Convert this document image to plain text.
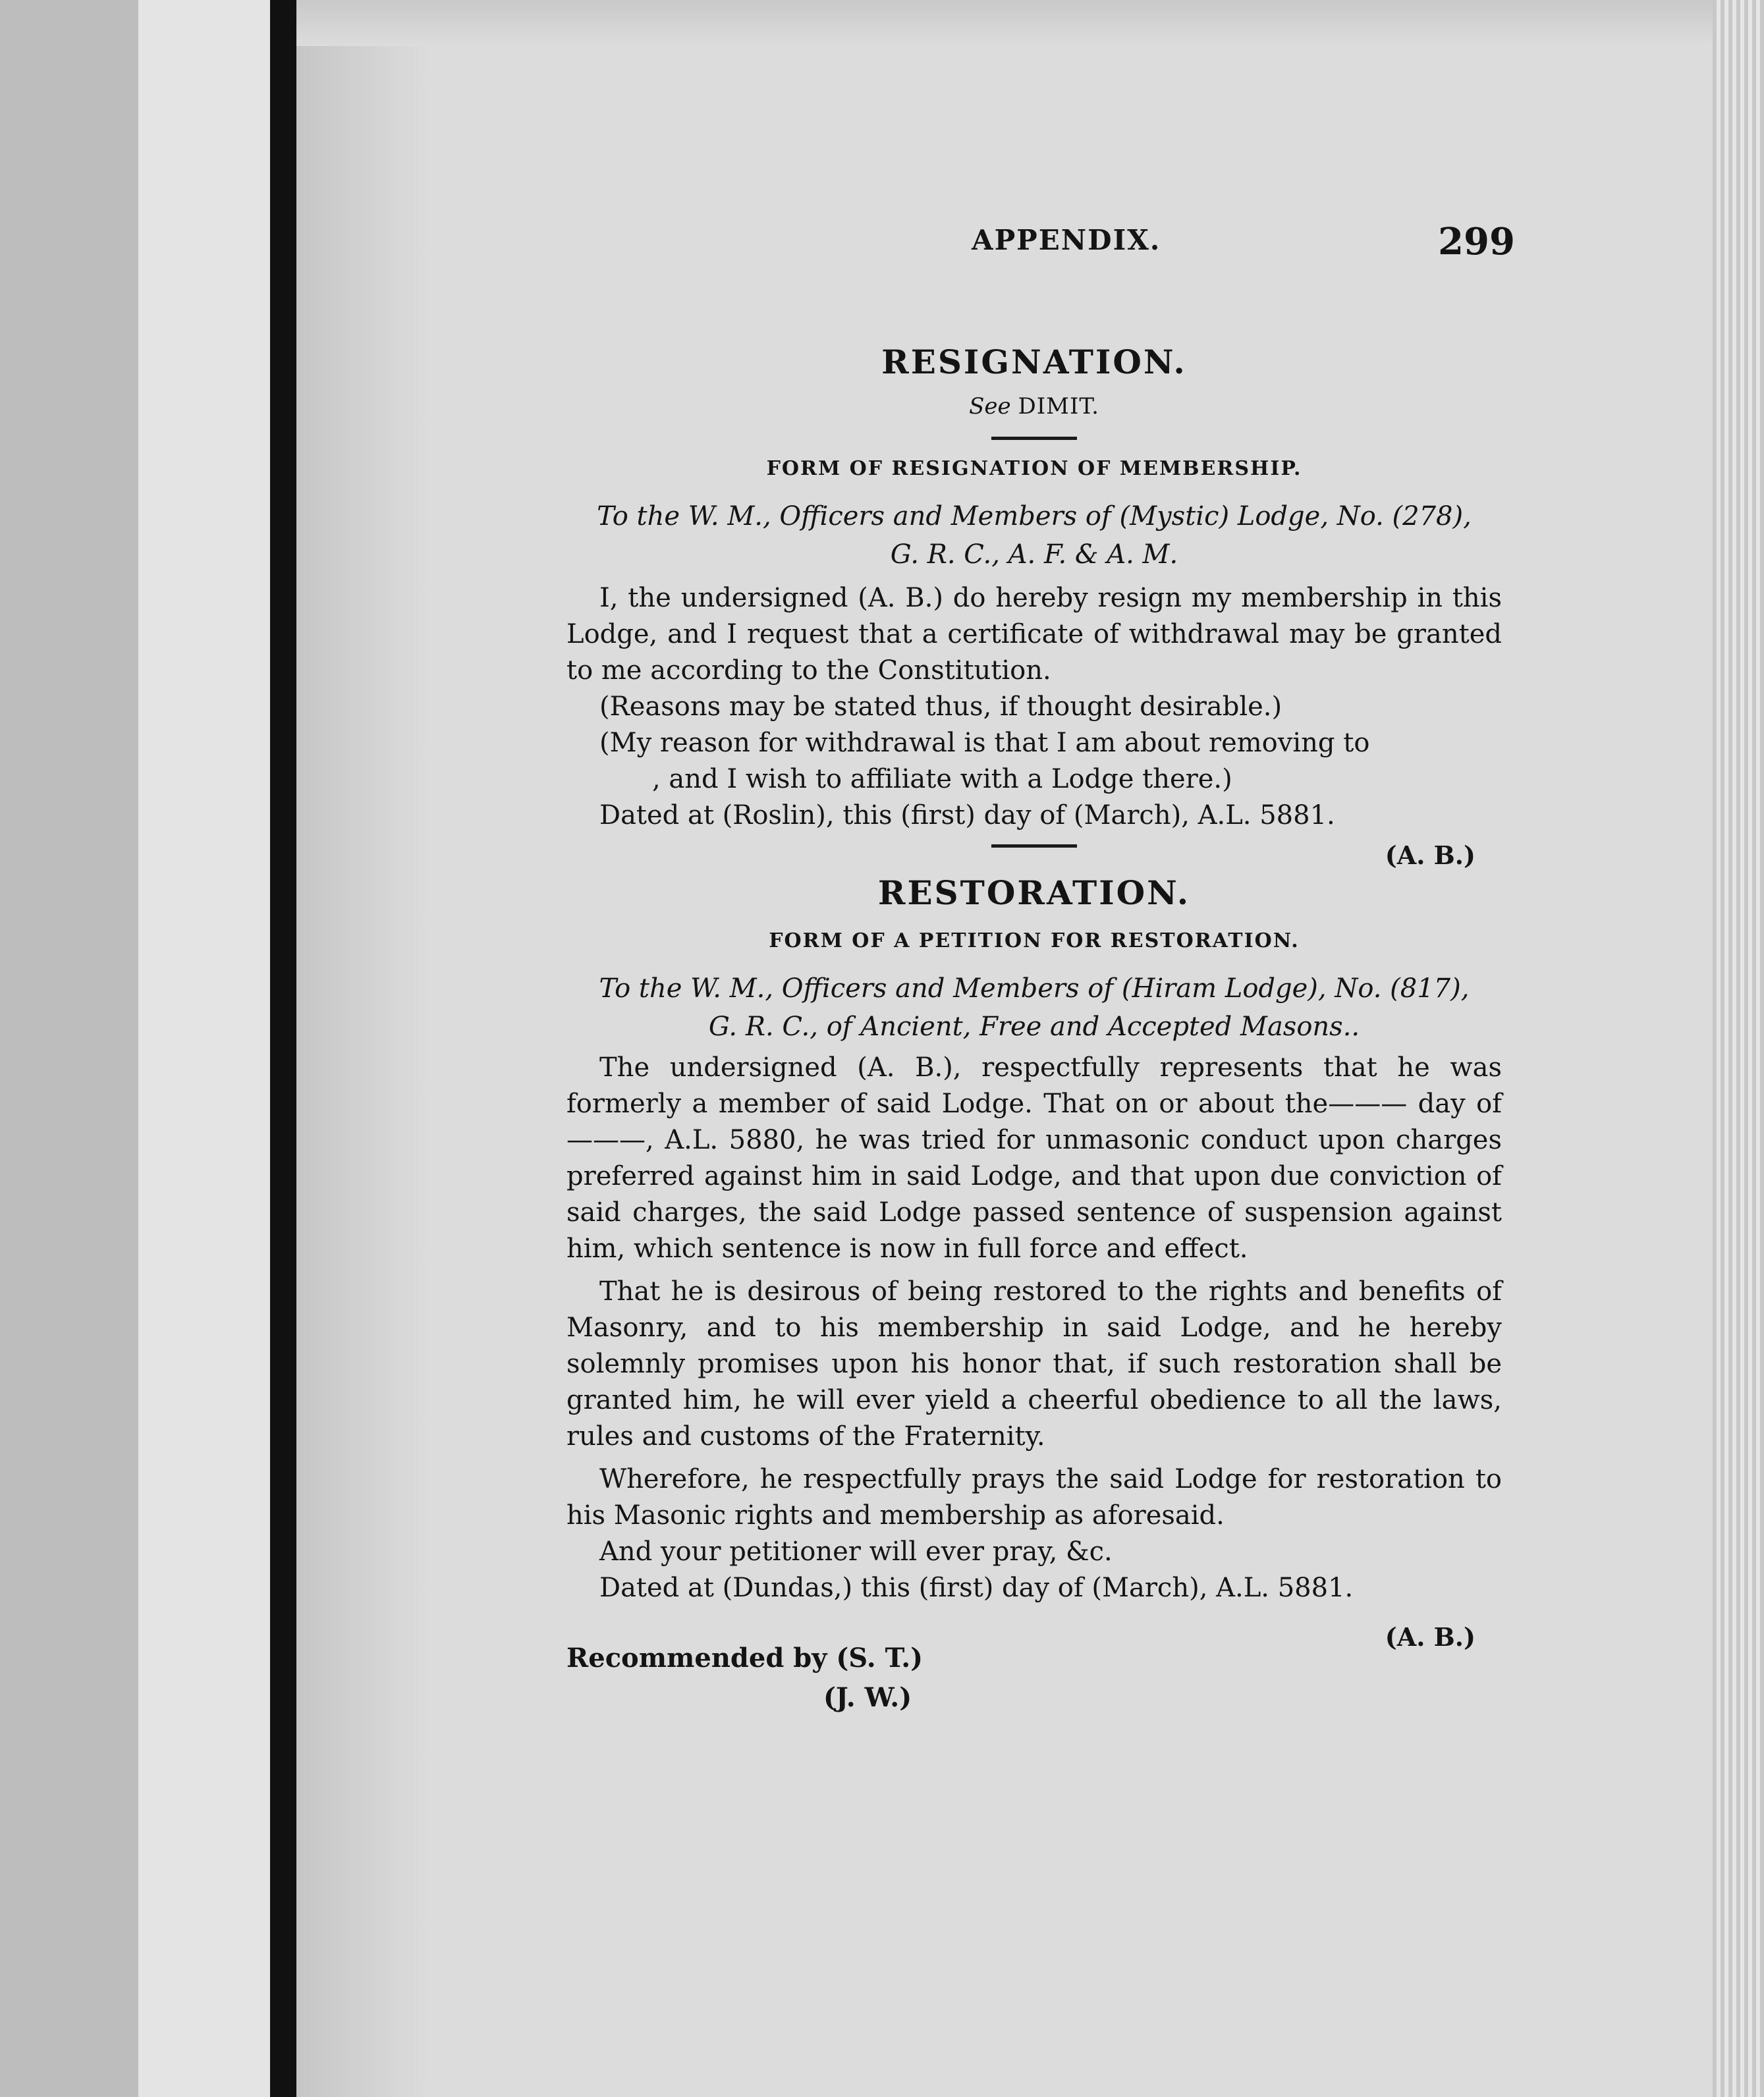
APPENDIX.	299
RESIGNATION.
See DIMIT.
FORM OF RESIGNATION OF MEMBERSHIP.
To the W. M., Officers and Members of (Mystic) Lodge, No. (278),
G. R. C., A. F. & A. M.

I, the undersigned (A. B.) do hereby resign my membership in this Lodge, and I request that a certificate of withdrawal may be granted to me according to the Constitution.

(Reasons may be stated thus, if thought desirable.)

(My reason for withdrawal is that I am about removing to

, and I wish to affiliate with a Lodge there.)

Dated at (Roslin), this (first) day of (March), A.L. 5881.

(A. B.)
RESTORATION.
FORM OF A PETITION FOR RESTORATION.
To the W. M., Officers and Members of (Hiram Lodge), No. (817),
G. R. C., of Ancient, Free and Accepted Masons..

The undersigned (A. B.), respectfully represents that he was formerly a member of said Lodge. That on or about the——— day of———, A.L. 5880, he was tried for unmasonic conduct upon charges preferred against him in said Lodge, and that upon due conviction of said charges, the said Lodge passed sentence of suspension against him, which sentence is now in full force and effect.

That he is desirous of being restored to the rights and benefits of Masonry, and to his membership in said Lodge, and he hereby solemnly promises upon his honor that, if such restoration shall be granted him, he will ever yield a cheerful obedience to all the laws, rules and customs of the Fraternity.

Wherefore, he respectfully prays the said Lodge for restoration to his Masonic rights and membership as aforesaid.

And your petitioner will ever pray, &c.

Dated at (Dundas,) this (first) day of (March), A.L. 5881.

(A. B.)
Recommended by (S. T.)
(J. W.)
